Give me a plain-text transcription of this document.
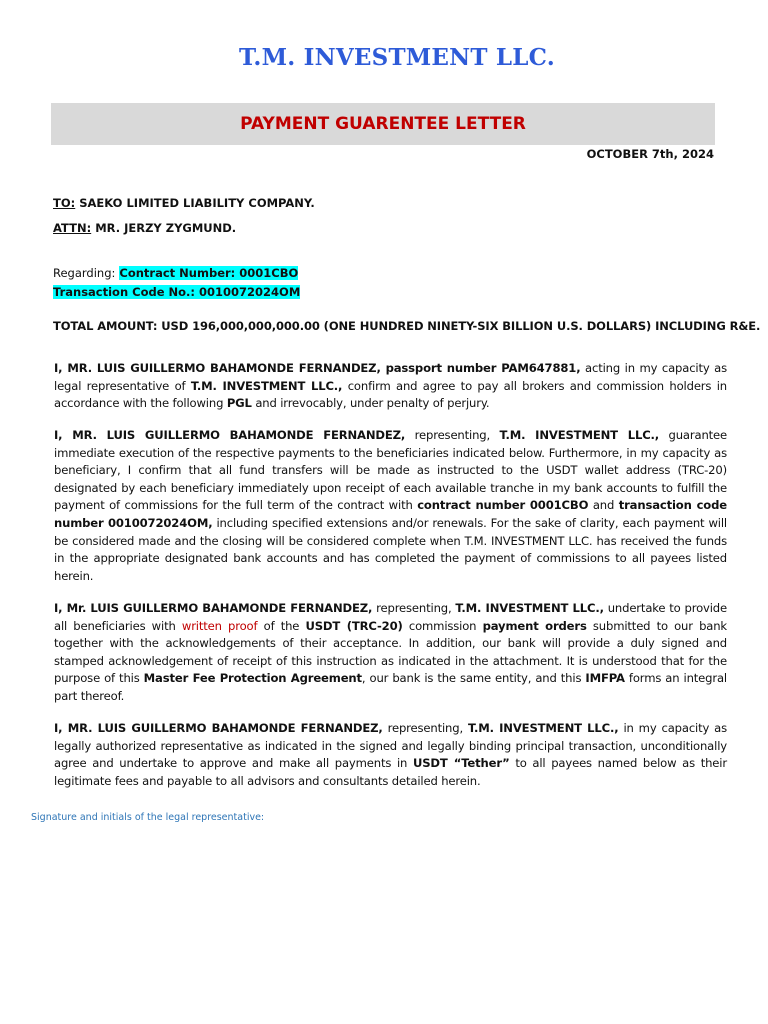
T.M. INVESTMENT LLC.
PAYMENT GUARENTEE LETTER
OCTOBER 7th, 2024
TO: SAEKO LIMITED LIABILITY COMPANY.
ATTN: MR. JERZY ZYGMUND.
Regarding: Contract Number: 0001CBO
Transaction Code No.: 0010072024OM
TOTAL AMOUNT: USD 196,000,000,000.00 (ONE HUNDRED NINETY-SIX BILLION U.S. DOLLARS) INCLUDING R&E.
I, MR. LUIS GUILLERMO BAHAMONDE FERNANDEZ, passport number PAM647881, acting in my capacity as legal representative of T.M. INVESTMENT LLC., confirm and agree to pay all brokers and commission holders in accordance with the following PGL and irrevocably, under penalty of perjury.
I, MR. LUIS GUILLERMO BAHAMONDE FERNANDEZ, representing, T.M. INVESTMENT LLC., guarantee immediate execution of the respective payments to the beneficiaries indicated below. Furthermore, in my capacity as beneficiary, I confirm that all fund transfers will be made as instructed to the USDT wallet address (TRC-20) designated by each beneficiary immediately upon receipt of each available tranche in my bank accounts to fulfill the payment of commissions for the full term of the contract with contract number 0001CBO and transaction code number 0010072024OM, including specified extensions and/or renewals. For the sake of clarity, each payment will be considered made and the closing will be considered complete when T.M. INVESTMENT LLC. has received the funds in the appropriate designated bank accounts and has completed the payment of commissions to all payees listed herein.
I, Mr. LUIS GUILLERMO BAHAMONDE FERNANDEZ, representing, T.M. INVESTMENT LLC., undertake to provide all beneficiaries with written proof of the USDT (TRC-20) commission payment orders submitted to our bank together with the acknowledgements of their acceptance. In addition, our bank will provide a duly signed and stamped acknowledgement of receipt of this instruction as indicated in the attachment. It is understood that for the purpose of this Master Fee Protection Agreement, our bank is the same entity, and this IMFPA forms an integral part thereof.
I, MR. LUIS GUILLERMO BAHAMONDE FERNANDEZ, representing, T.M. INVESTMENT LLC., in my capacity as legally authorized representative as indicated in the signed and legally binding principal transaction, unconditionally agree and undertake to approve and make all payments in USDT “Tether” to all payees named below as their legitimate fees and payable to all advisors and consultants detailed herein.
Signature and initials of the legal representative:
